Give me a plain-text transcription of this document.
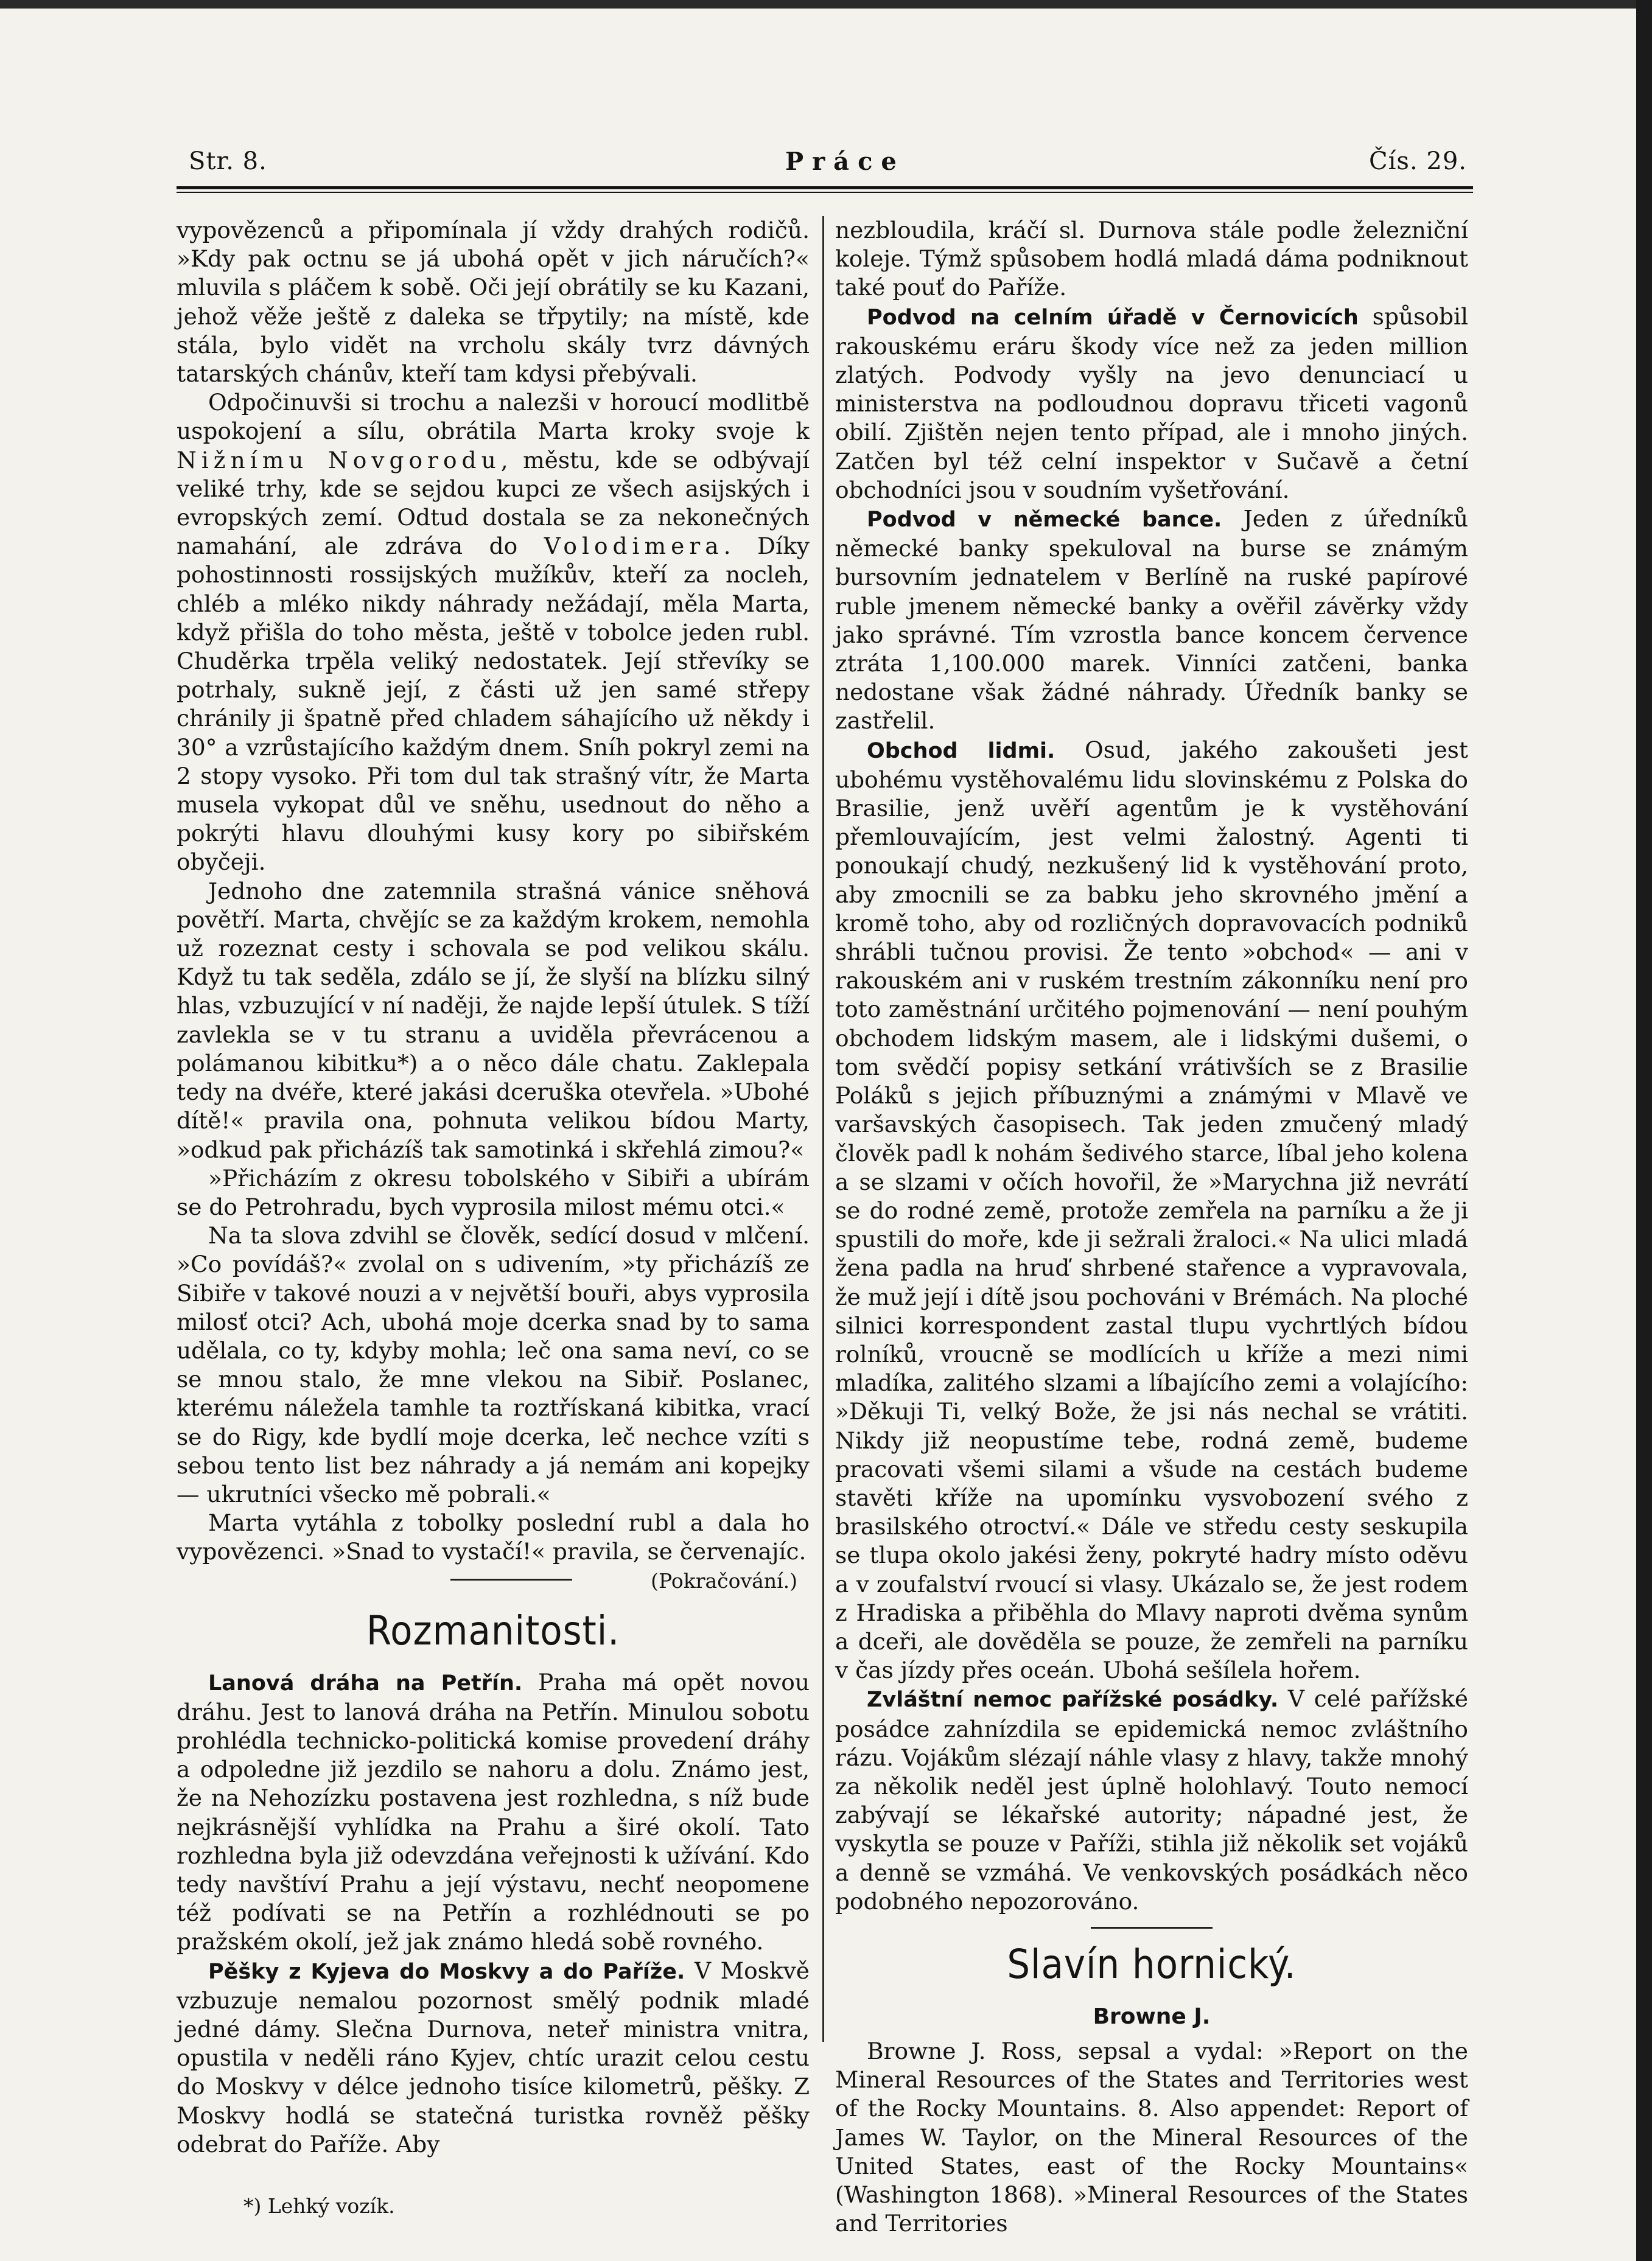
Str. 8.	Práce	Čís. 29.

vypovězenců a připomínala jí vždy drahých rodičů. »Kdy pak octnu se já ubohá opět v jich náručích?« mluvila s pláčem k sobě. Oči její obrátily se ku Kazani, jehož věže ještě z daleka se třpytily; na místě, kde stála, bylo vidět na vrcholu skály tvrz dávných tatarských chánův, kteří tam kdysi přebývali.

Odpočinuvši si trochu a nalezši v horoucí modlitbě uspokojení a sílu, obrátila Marta kroky svoje k Nižnímu Novgorodu, městu, kde se odbývají veliké trhy, kde se sejdou kupci ze všech asijských i evropských zemí. Odtud dostala se za nekonečných namahání, ale zdráva do Volodimera. Díky pohostinnosti rossijských mužíkův, kteří za nocleh, chléb a mléko nikdy náhrady nežádají, měla Marta, když přišla do toho města, ještě v tobolce jeden rubl. Chuděrka trpěla veliký nedostatek. Její střevíky se potrhaly, sukně její, z části už jen samé střepy chránily ji špatně před chladem sáhajícího už někdy i 30° a vzrůstajícího každým dnem. Sníh pokryl zemi na 2 stopy vysoko. Při tom dul tak strašný vítr, že Marta musela vykopat důl ve sněhu, usednout do něho a pokrýti hlavu dlouhými kusy kory po sibiřském obyčeji.

Jednoho dne zatemnila strašná vánice sněhová povětří. Marta, chvějíc se za každým krokem, nemohla už rozeznat cesty i schovala se pod velikou skálu. Když tu tak seděla, zdálo se jí, že slyší na blízku silný hlas, vzbuzující v ní naději, že najde lepší útulek. S tíží zavlekla se v tu stranu a uviděla převrácenou a polámanou kibitku*) a o něco dále chatu. Zaklepala tedy na dvéře, které jakási dceruška otevřela. »Ubohé dítě!« pravila ona, pohnuta velikou bídou Marty, »odkud pak přicházíš tak samotinká i skřehlá zimou?«

»Přicházím z okresu tobolského v Sibiři a ubírám se do Petrohradu, bych vyprosila milost mému otci.«

Na ta slova zdvihl se člověk, sedící dosud v mlčení. »Co povídáš?« zvolal on s udivením, »ty přicházíš ze Sibiře v takové nouzi a v největší bouři, abys vyprosila milosť otci? Ach, ubohá moje dcerka snad by to sama udělala, co ty, kdyby mohla; leč ona sama neví, co se se mnou stalo, že mne vlekou na Sibiř. Poslanec, kterému náležela tamhle ta roztřískaná kibitka, vrací se do Rigy, kde bydlí moje dcerka, leč nechce vzíti s sebou tento list bez náhrady a já nemám ani kopejky — ukrutníci všecko mě pobrali.«

Marta vytáhla z tobolky poslední rubl a dala ho vypovězenci. »Snad to vystačí!« pravila, se červenajíc.

(Pokračování.)
Rozmanitosti.

Lanová dráha na Petřín. Praha má opět novou dráhu. Jest to lanová dráha na Petřín. Minulou sobotu prohlédla technicko-politická komise provedení dráhy a odpoledne již jezdilo se nahoru a dolu. Známo jest, že na Nehozízku postavena jest rozhledna, s níž bude nejkrásnější vyhlídka na Prahu a širé okolí. Tato rozhledna byla již odevzdána veřejnosti k užívání. Kdo tedy navštíví Prahu a její výstavu, nechť neopomene též podívati se na Petřín a rozhlédnouti se po pražském okolí, jež jak známo hledá sobě rovného.

Pěšky z Kyjeva do Moskvy a do Paříže. V Moskvě vzbuzuje nemalou pozornost smělý podnik mladé jedné dámy. Slečna Durnova, neteř ministra vnitra, opustila v neděli ráno Kyjev, chtíc urazit celou cestu do Moskvy v délce jednoho tisíce kilometrů, pěšky. Z Moskvy hodlá se statečná turistka rovněž pěšky odebrat do Paříže. Aby

*) Lehký vozík.

nezbloudila, kráčí sl. Durnova stále podle železniční koleje. Týmž spůsobem hodlá mladá dáma podniknout také pouť do Paříže.

Podvod na celním úřadě v Černovicích spůsobil rakouskému eráru škody více než za jeden million zlatých. Podvody vyšly na jevo denunciací u ministerstva na podloudnou dopravu třiceti vagonů obilí. Zjištěn nejen tento případ, ale i mnoho jiných. Zatčen byl též celní inspektor v Sučavě a četní obchodníci jsou v soudním vyšetřování.

Podvod v německé bance. Jeden z úředníků německé banky spekuloval na burse se známým bursovním jednatelem v Berlíně na ruské papírové ruble jmenem německé banky a ověřil závěrky vždy jako správné. Tím vzrostla bance koncem července ztráta 1,100.000 marek. Vinníci zatčeni, banka nedostane však žádné náhrady. Úředník banky se zastřelil.

Obchod lidmi. Osud, jakého zakoušeti jest ubohému vystěhovalému lidu slovinskému z Polska do Brasilie, jenž uvěří agentům je k vystěhování přemlouvajícím, jest velmi žalostný. Agenti ti ponoukají chudý, nezkušený lid k vystěhování proto, aby zmocnili se za babku jeho skrovného jmění a kromě toho, aby od rozličných dopravovacích podniků shrábli tučnou provisi. Že tento »obchod« — ani v rakouském ani v ruském trestním zákonníku není pro toto zaměstnání určitého pojmenování — není pouhým obchodem lidským masem, ale i lidskými dušemi, o tom svědčí popisy setkání vrátivších se z Brasilie Poláků s jejich příbuznými a známými v Mlavě ve varšavských časopisech. Tak jeden zmučený mladý člověk padl k nohám šedivého starce, líbal jeho kolena a se slzami v očích hovořil, že »Marychna již nevrátí se do rodné země, protože zemřela na parníku a že ji spustili do moře, kde ji sežrali žraloci.« Na ulici mladá žena padla na hruď shrbené stařence a vypravovala, že muž její i dítě jsou pochováni v Brémách. Na ploché silnici korrespondent zastal tlupu vychrtlých bídou rolníků, vroucně se modlících u kříže a mezi nimi mladíka, zalitého slzami a líbajícího zemi a volajícího: »Děkuji Ti, velký Bože, že jsi nás nechal se vrátiti. Nikdy již neopustíme tebe, rodná země, budeme pracovati všemi silami a všude na cestách budeme stavěti kříže na upomínku vysvobození svého z brasilského otroctví.« Dále ve středu cesty seskupila se tlupa okolo jakési ženy, pokryté hadry místo oděvu a v zoufalství rvoucí si vlasy. Ukázalo se, že jest rodem z Hradiska a přiběhla do Mlavy naproti dvěma synům a dceři, ale dověděla se pouze, že zemřeli na parníku v čas jízdy přes oceán. Ubohá sešílela hořem.

Zvláštní nemoc pařížské posádky. V celé pařížské posádce zahnízdila se epidemická nemoc zvláštního rázu. Vojákům slézají náhle vlasy z hlavy, takže mnohý za několik neděl jest úplně holohlavý. Touto nemocí zabývají se lékařské autority; nápadné jest, že vyskytla se pouze v Paříži, stihla již několik set vojáků a denně se vzmáhá. Ve venkovských posádkách něco podobného nepozorováno.

Slavín hornický.
Browne J.

Browne J. Ross, sepsal a vydal: »Report on the Mineral Resources of the States and Territories west of the Rocky Mountains. 8. Also appendet: Report of James W. Taylor, on the Mineral Resources of the United States, east of the Rocky Mountains« (Washington 1868). »Mineral Resources of the States and Territories
